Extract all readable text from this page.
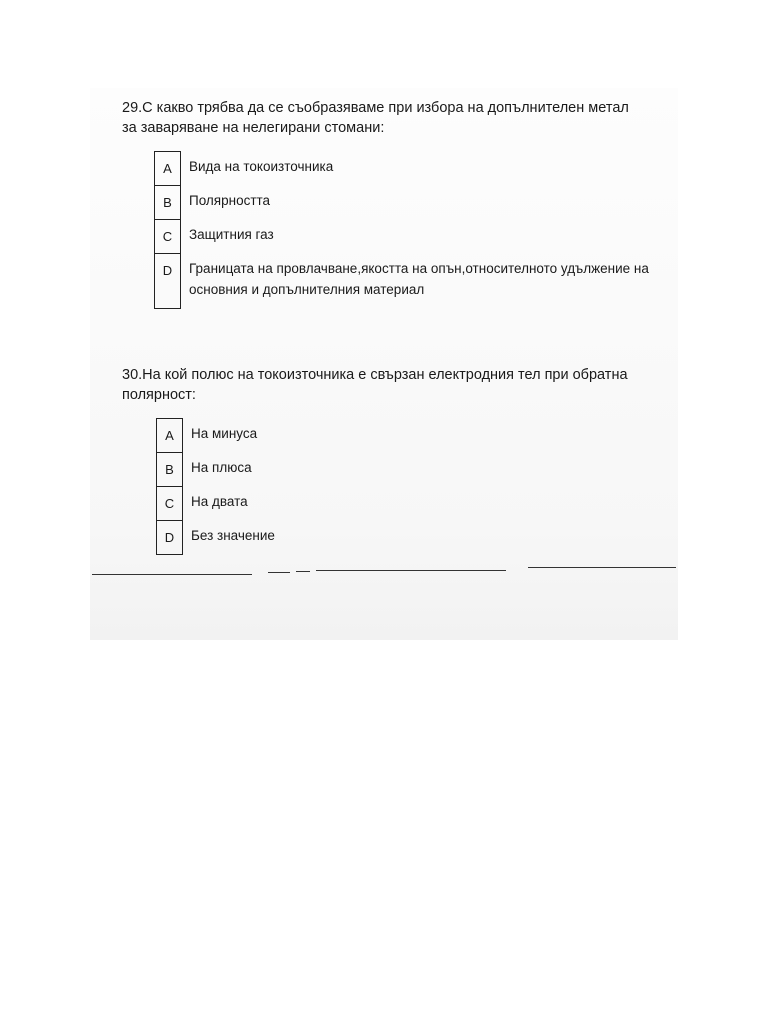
29.С какво трябва да се съобразяваме при избора на допълнителен метал за заваряване на нелегирани стомани:
A	Вида на токоизточника
B	Полярността
C	Защитния газ
D	Границата на провлачване,якостта на опън,относителното удължение на
основния и допълнителния материал
30.На кой полюс на токоизточника е свързан електродния тел при обратна полярност:
A	На минуса
B	На плюса
C	На двата
D	Без значение
